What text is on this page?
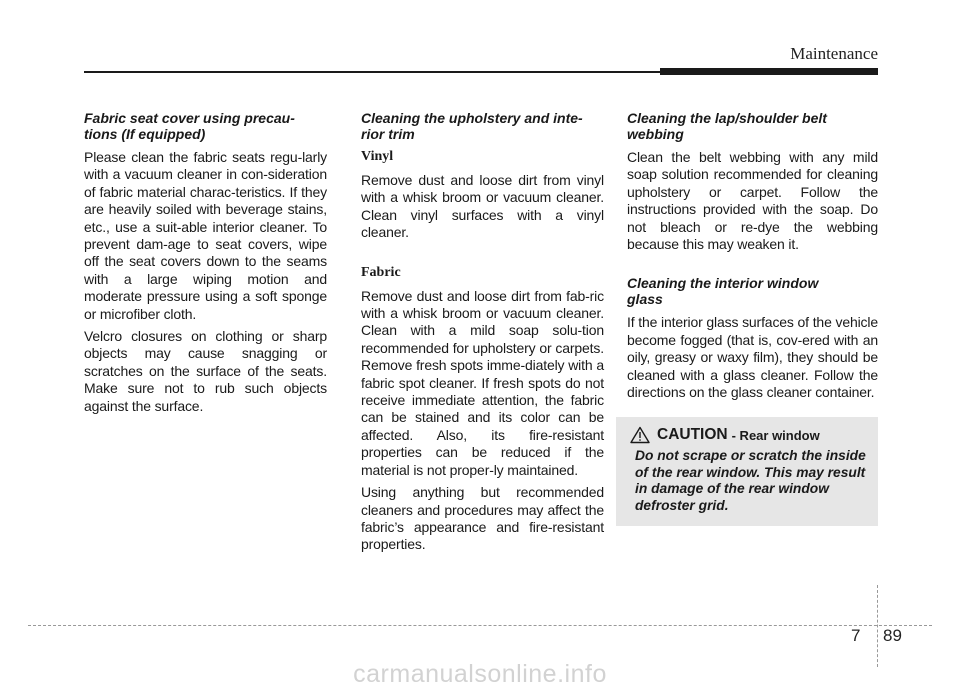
Maintenance
Fabric seat cover using precau-
tions (If equipped)

Please clean the fabric seats regu-larly with a vacuum cleaner in con-sideration of fabric material charac-teristics. If they are heavily soiled with beverage stains, etc., use a suit-able interior cleaner. To prevent dam-age to seat covers, wipe off the seat covers down to the seams with a large wiping motion and moderate pressure using a soft sponge or microfiber cloth.

Velcro closures on clothing or sharp objects may cause snagging or scratches on the surface of the seats. Make sure not to rub such objects against the surface.

Cleaning the upholstery and inte-
rior trim
Vinyl

Remove dust and loose dirt from vinyl with a whisk broom or vacuum cleaner. Clean vinyl surfaces with a vinyl cleaner.

Fabric

Remove dust and loose dirt from fab-ric with a whisk broom or vacuum cleaner. Clean with a mild soap solu-tion recommended for upholstery or carpets. Remove fresh spots imme-diately with a fabric spot cleaner. If fresh spots do not receive immediate attention, the fabric can be stained and its color can be affected. Also, its fire-resistant properties can be reduced if the material is not proper-ly maintained.

Using anything but recommended cleaners and procedures may affect the fabric’s appearance and fire-resistant properties.

Cleaning the lap/shoulder belt
webbing

Clean the belt webbing with any mild soap solution recommended for cleaning upholstery or carpet. Follow the instructions provided with the soap. Do not bleach or re-dye the webbing because this may weaken it.

Cleaning the interior window
glass

If the interior glass surfaces of the vehicle become fogged (that is, cov-ered with an oily, greasy or waxy film), they should be cleaned with a glass cleaner. Follow the directions on the glass cleaner container.

CAUTION - Rear window
Do not scrape or scratch the inside of the rear window. This may result in damage of the rear window defroster grid.
7 89
carmanualsonline.info
